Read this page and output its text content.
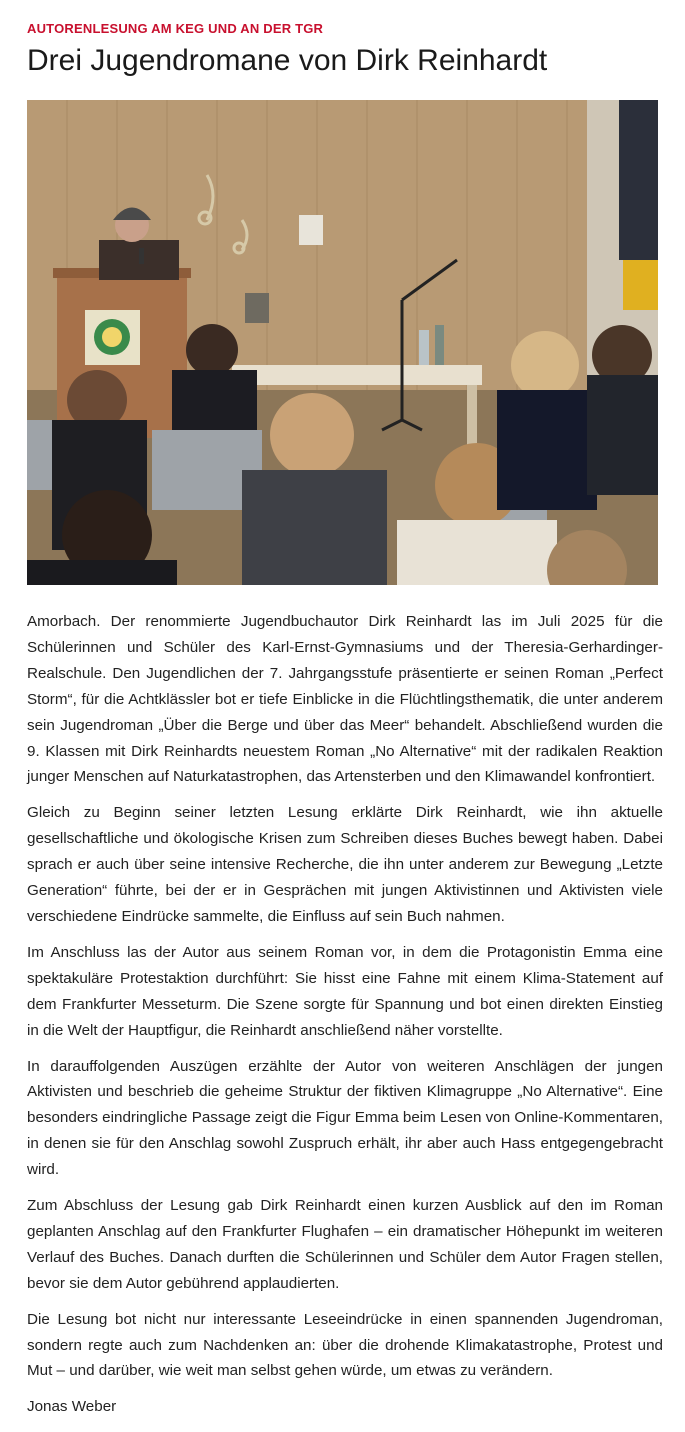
AUTORENLESUNG AM KEG UND AN DER TGR
Drei Jugendromane von Dirk Reinhardt

Amorbach. Der renommierte Jugendbuchautor Dirk Reinhardt las im Juli 2025 für die Schülerinnen und Schüler des Karl-Ernst-Gymnasiums und der Theresia-Gerhardinger-Realschule. Den Jugendlichen der 7. Jahrgangsstufe präsentierte er seinen Roman „Perfect Storm“, für die Achtklässler bot er tiefe Einblicke in die Flüchtlingsthematik, die unter anderem sein Jugendroman „Über die Berge und über das Meer“ behandelt. Abschließend wurden die 9. Klassen mit Dirk Reinhardts neuestem Roman „No Alternative“ mit der radikalen Reaktion junger Menschen auf Naturkatastrophen, das Artensterben und den Klimawandel konfrontiert.

Gleich zu Beginn seiner letzten Lesung erklärte Dirk Reinhardt, wie ihn aktuelle gesellschaftliche und ökologische Krisen zum Schreiben dieses Buches bewegt haben. Dabei sprach er auch über seine intensive Recherche, die ihn unter anderem zur Bewegung „Letzte Generation“ führte, bei der er in Gesprächen mit jungen Aktivistinnen und Aktivisten viele verschiedene Eindrücke sammelte, die Einfluss auf sein Buch nahmen.

Im Anschluss las der Autor aus seinem Roman vor, in dem die Protagonistin Emma eine spektakuläre Protestaktion durchführt: Sie hisst eine Fahne mit einem Klima-Statement auf dem Frankfurter Messeturm. Die Szene sorgte für Spannung und bot einen direkten Einstieg in die Welt der Hauptfigur, die Reinhardt anschließend näher vorstellte.

In darauffolgenden Auszügen erzählte der Autor von weiteren Anschlägen der jungen Aktivisten und beschrieb die geheime Struktur der fiktiven Klimagruppe „No Alternative“. Eine besonders eindringliche Passage zeigt die Figur Emma beim Lesen von Online-Kommentaren, in denen sie für den Anschlag sowohl Zuspruch erhält, ihr aber auch Hass entgegengebracht wird.

Zum Abschluss der Lesung gab Dirk Reinhardt einen kurzen Ausblick auf den im Roman geplanten Anschlag auf den Frankfurter Flughafen – ein dramatischer Höhepunkt im weiteren Verlauf des Buches. Danach durften die Schülerinnen und Schüler dem Autor Fragen stellen, bevor sie dem Autor gebührend applaudierten.

Die Lesung bot nicht nur interessante Leseeindrücke in einen spannenden Jugendroman, sondern regte auch zum Nachdenken an: über die drohende Klimakatastrophe, Protest und Mut – und darüber, wie weit man selbst gehen würde, um etwas zu verändern.

Jonas Weber
